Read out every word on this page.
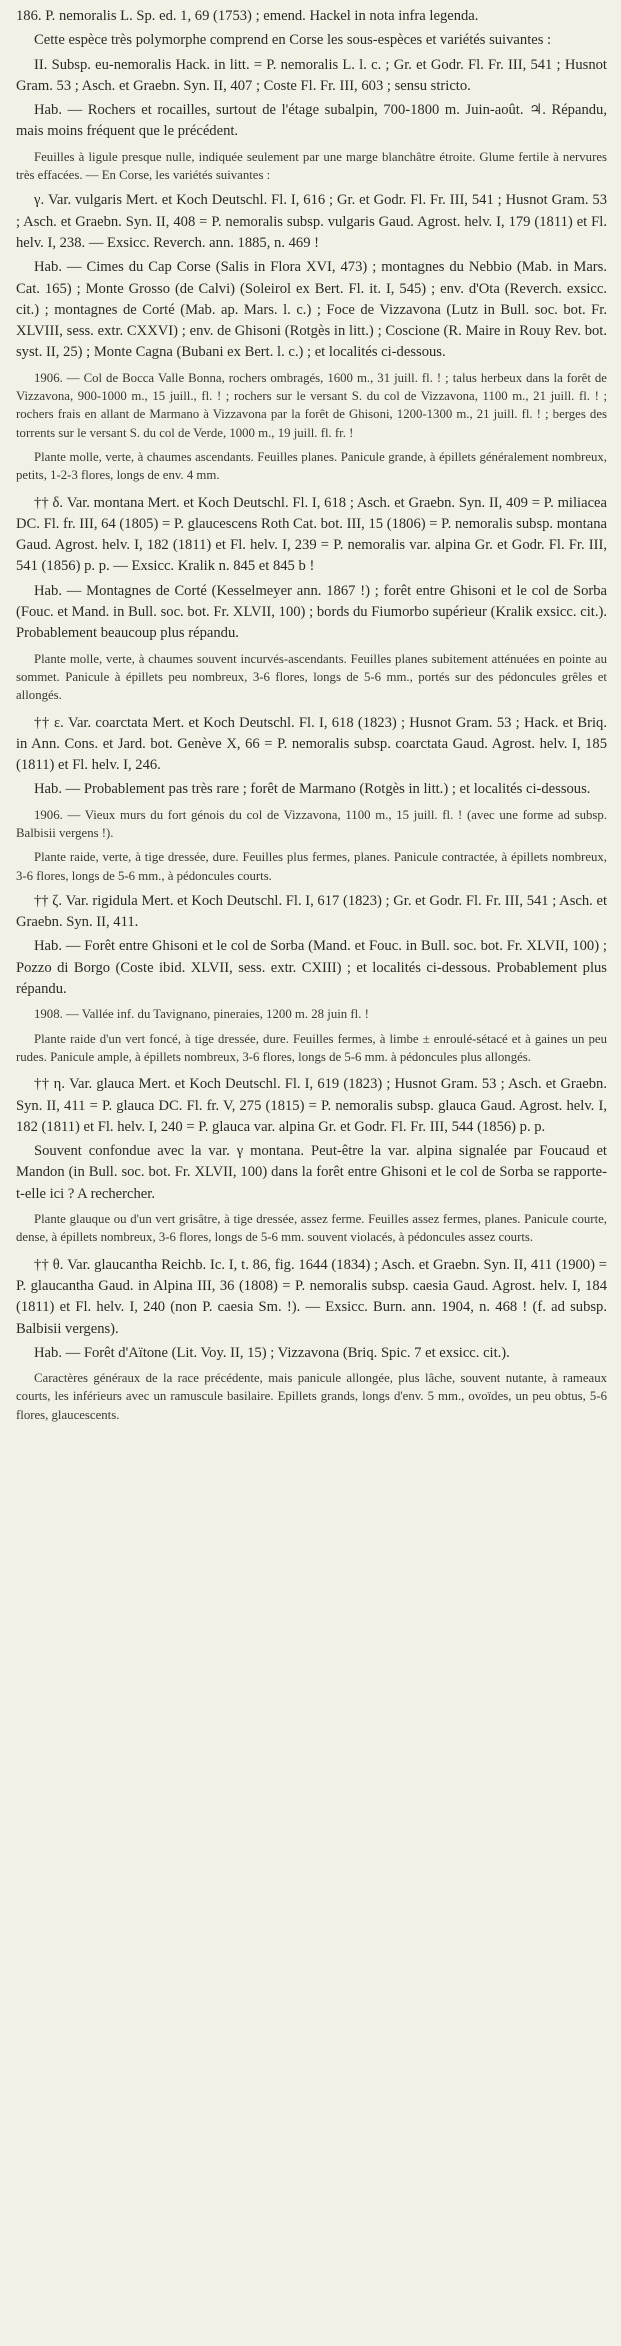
186. P. nemoralis L. Sp. ed. 1, 69 (1753) ; emend. Hackel in nota infra legenda.

Cette espèce très polymorphe comprend en Corse les sous-espèces et variétés suivantes :

II. Subsp. eu-nemoralis Hack. in litt. = P. nemoralis L. l. c. ; Gr. et Godr. Fl. Fr. III, 541 ; Husnot Gram. 53 ; Asch. et Graebn. Syn. II, 407 ; Coste Fl. Fr. III, 603 ; sensu stricto.

Hab. — Rochers et rocailles, surtout de l'étage subalpin, 700-1800 m. Juin-août. ♃. Répandu, mais moins fréquent que le précédent.

Feuilles à ligule presque nulle, indiquée seulement par une marge blanchâtre étroite. Glume fertile à nervures très effacées. — En Corse, les variétés suivantes :

γ. Var. vulgaris Mert. et Koch Deutschl. Fl. I, 616 ; Gr. et Godr. Fl. Fr. III, 541 ; Husnot Gram. 53 ; Asch. et Graebn. Syn. II, 408 = P. nemoralis subsp. vulgaris Gaud. Agrost. helv. I, 179 (1811) et Fl. helv. I, 238. — Exsicc. Reverch. ann. 1885, n. 469 !

Hab. — Cimes du Cap Corse (Salis in Flora XVI, 473) ; montagnes du Nebbio (Mab. in Mars. Cat. 165) ; Monte Grosso (de Calvi) (Soleirol ex Bert. Fl. it. I, 545) ; env. d'Ota (Reverch. exsicc. cit.) ; montagnes de Corté (Mab. ap. Mars. l. c.) ; Foce de Vizzavona (Lutz in Bull. soc. bot. Fr. XLVIII, sess. extr. CXXVI) ; env. de Ghisoni (Rotgès in litt.) ; Coscione (R. Maire in Rouy Rev. bot. syst. II, 25) ; Monte Cagna (Bubani ex Bert. l. c.) ; et localités ci-dessous.

1906. — Col de Bocca Valle Bonna, rochers ombragés, 1600 m., 31 juill. fl. ! ; talus herbeux dans la forêt de Vizzavona, 900-1000 m., 15 juill., fl. ! ; rochers sur le versant S. du col de Vizzavona, 1100 m., 21 juill. fl. ! ; rochers frais en allant de Marmano à Vizzavona par la forêt de Ghisoni, 1200-1300 m., 21 juill. fl. ! ; berges des torrents sur le versant S. du col de Verde, 1000 m., 19 juill. fl. fr. !

Plante molle, verte, à chaumes ascendants. Feuilles planes. Panicule grande, à épillets généralement nombreux, petits, 1-2-3 flores, longs de env. 4 mm.

†† δ. Var. montana Mert. et Koch Deutschl. Fl. I, 618 ; Asch. et Graebn. Syn. II, 409 = P. miliacea DC. Fl. fr. III, 64 (1805) = P. glaucescens Roth Cat. bot. III, 15 (1806) = P. nemoralis subsp. montana Gaud. Agrost. helv. I, 182 (1811) et Fl. helv. I, 239 = P. nemoralis var. alpina Gr. et Godr. Fl. Fr. III, 541 (1856) p. p. — Exsicc. Kralik n. 845 et 845 b !

Hab. — Montagnes de Corté (Kesselmeyer ann. 1867 !) ; forêt entre Ghisoni et le col de Sorba (Fouc. et Mand. in Bull. soc. bot. Fr. XLVII, 100) ; bords du Fiumorbo supérieur (Kralik exsicc. cit.). Probablement beaucoup plus répandu.

Plante molle, verte, à chaumes souvent incurvés-ascendants. Feuilles planes subitement atténuées en pointe au sommet. Panicule à épillets peu nombreux, 3-6 flores, longs de 5-6 mm., portés sur des pédoncules grêles et allongés.

†† ε. Var. coarctata Mert. et Koch Deutschl. Fl. I, 618 (1823) ; Husnot Gram. 53 ; Hack. et Briq. in Ann. Cons. et Jard. bot. Genève X, 66 = P. nemoralis subsp. coarctata Gaud. Agrost. helv. I, 185 (1811) et Fl. helv. I, 246.

Hab. — Probablement pas très rare ; forêt de Marmano (Rotgès in litt.) ; et localités ci-dessous.

1906. — Vieux murs du fort génois du col de Vizzavona, 1100 m., 15 juill. fl. ! (avec une forme ad subsp. Balbisii vergens !).

Plante raide, verte, à tige dressée, dure. Feuilles plus fermes, planes. Panicule contractée, à épillets nombreux, 3-6 flores, longs de 5-6 mm., à pédoncules courts.

†† ζ. Var. rigidula Mert. et Koch Deutschl. Fl. I, 617 (1823) ; Gr. et Godr. Fl. Fr. III, 541 ; Asch. et Graebn. Syn. II, 411.

Hab. — Forêt entre Ghisoni et le col de Sorba (Mand. et Fouc. in Bull. soc. bot. Fr. XLVII, 100) ; Pozzo di Borgo (Coste ibid. XLVII, sess. extr. CXIII) ; et localités ci-dessous. Probablement plus répandu.

1908. — Vallée inf. du Tavignano, pineraies, 1200 m. 28 juin fl. !

Plante raide d'un vert foncé, à tige dressée, dure. Feuilles fermes, à limbe ± enroulé-sétacé et à gaines un peu rudes. Panicule ample, à épillets nombreux, 3-6 flores, longs de 5-6 mm. à pédoncules plus allongés.

†† η. Var. glauca Mert. et Koch Deutschl. Fl. I, 619 (1823) ; Husnot Gram. 53 ; Asch. et Graebn. Syn. II, 411 = P. glauca DC. Fl. fr. V, 275 (1815) = P. nemoralis subsp. glauca Gaud. Agrost. helv. I, 182 (1811) et Fl. helv. I, 240 = P. glauca var. alpina Gr. et Godr. Fl. Fr. III, 544 (1856) p. p.

Souvent confondue avec la var. γ montana. Peut-être la var. alpina signalée par Foucaud et Mandon (in Bull. soc. bot. Fr. XLVII, 100) dans la forêt entre Ghisoni et le col de Sorba se rapporte-t-elle ici ? A rechercher.

Plante glauque ou d'un vert grisâtre, à tige dressée, assez ferme. Feuilles assez fermes, planes. Panicule courte, dense, à épillets nombreux, 3-6 flores, longs de 5-6 mm. souvent violacés, à pédoncules assez courts.

†† θ. Var. glaucantha Reichb. Ic. I, t. 86, fig. 1644 (1834) ; Asch. et Graebn. Syn. II, 411 (1900) = P. glaucantha Gaud. in Alpina III, 36 (1808) = P. nemoralis subsp. caesia Gaud. Agrost. helv. I, 184 (1811) et Fl. helv. I, 240 (non P. caesia Sm. !). — Exsicc. Burn. ann. 1904, n. 468 ! (f. ad subsp. Balbisii vergens).

Hab. — Forêt d'Aïtone (Lit. Voy. II, 15) ; Vizzavona (Briq. Spic. 7 et exsicc. cit.).

Caractères généraux de la race précédente, mais panicule allongée, plus lâche, souvent nutante, à rameaux courts, les inférieurs avec un ramuscule basilaire. Epillets grands, longs d'env. 5 mm., ovoïdes, un peu obtus, 5-6 flores, glaucescents.
